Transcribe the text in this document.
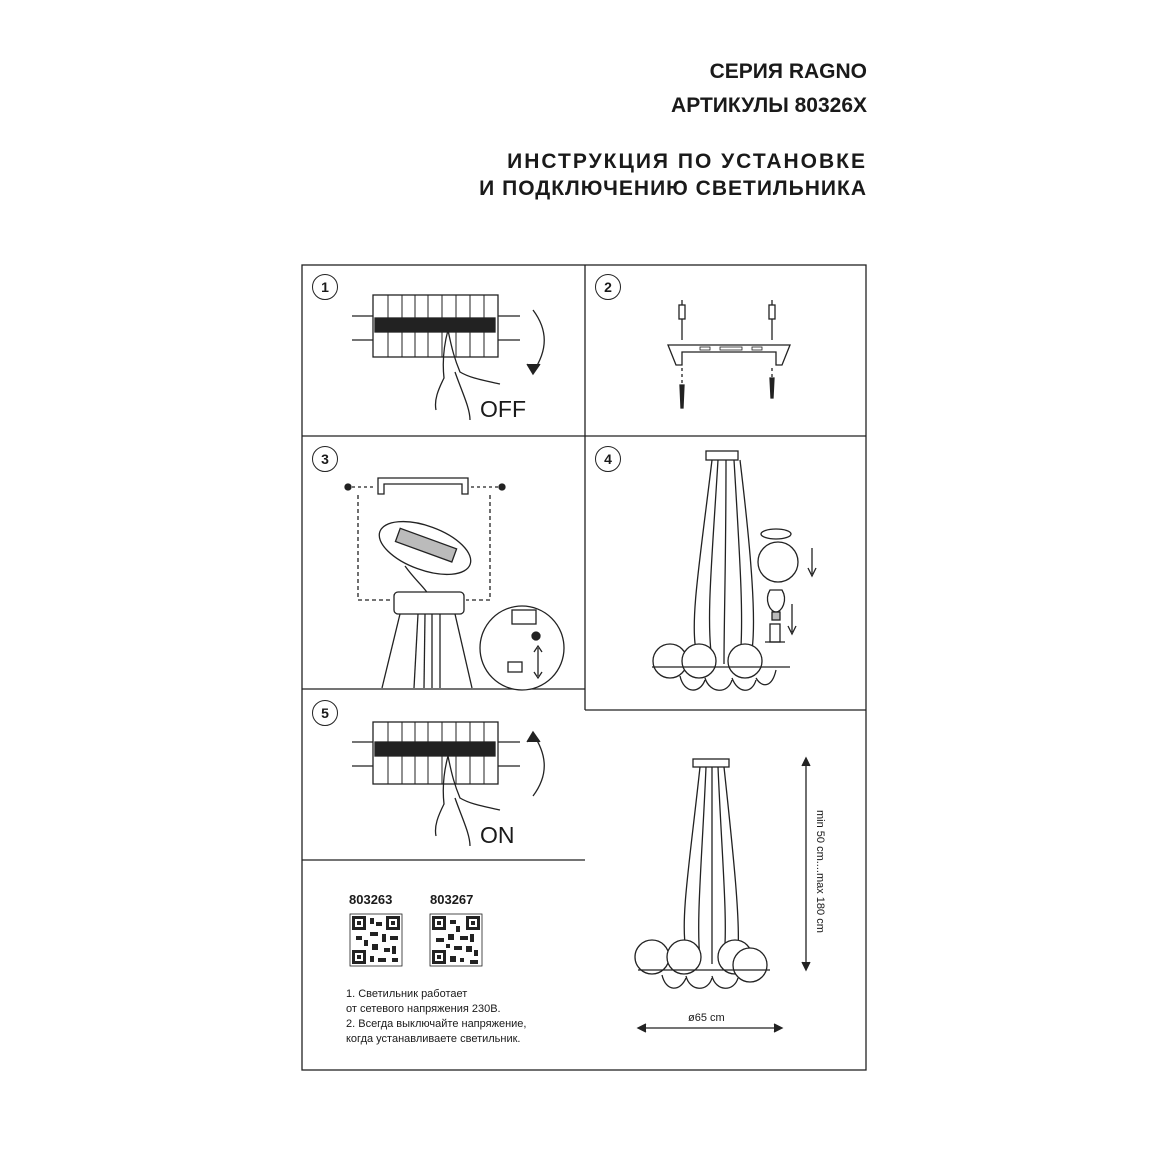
СЕРИЯ RAGNO
АРТИКУЛЫ 80326X
ИНСТРУКЦИЯ ПО УСТАНОВКЕ
И ПОДКЛЮЧЕНИЮ СВЕТИЛЬНИКА
1	2
3	4
5
OFF
ON
803263	803267
1. Светильник работает
от сетевого напряжения 230В.
2. Всегда выключайте напряжение,
когда устанавливаете светильник.
min 50 cm....max 180 cm
ø65 cm
